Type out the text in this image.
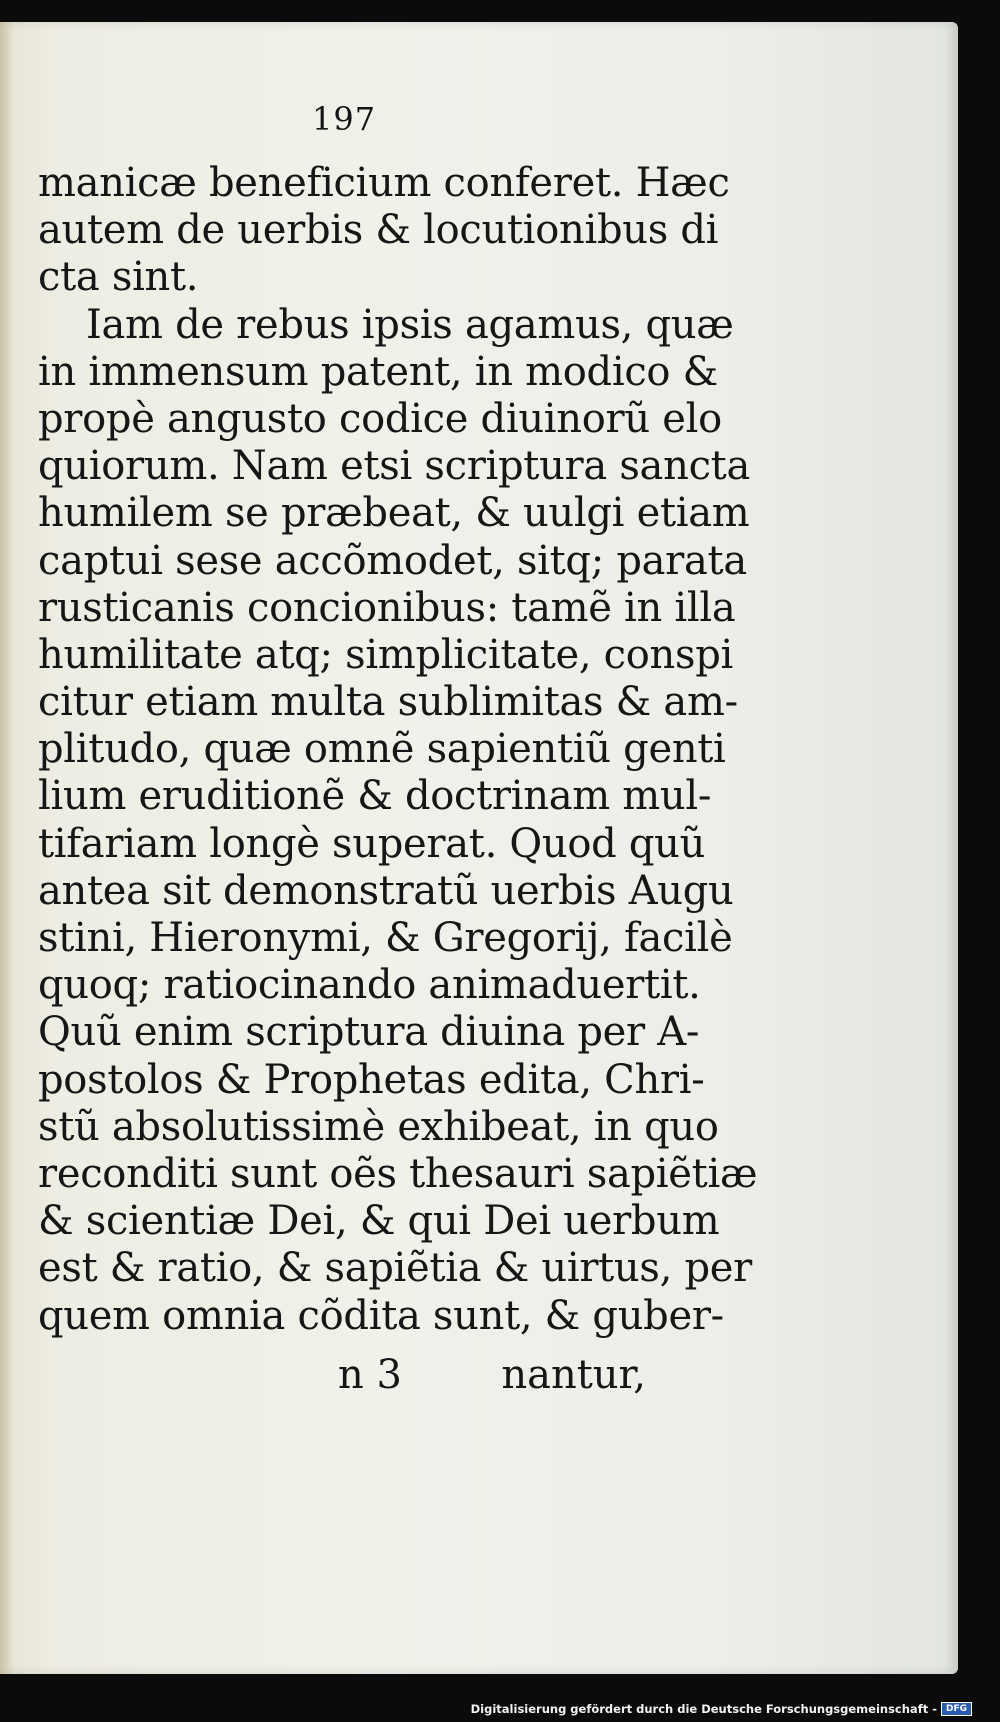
197
manicæ beneficium conferet. Hæc
autem de uerbis & locutionibus di
cta sint.
Iam de rebus ipsis agamus, quæ
in immensum patent, in modico &
propè angusto codice diuinorũ elo
quiorum. Nam etsi scriptura sancta
humilem se præbeat, & uulgi etiam
captui sese accõmodet, sitq; parata
rusticanis concionibus: tamẽ in illa
humilitate atq; simplicitate, conspi
citur etiam multa sublimitas & am-
plitudo, quæ omnẽ sapientiũ genti
lium eruditionẽ & doctrinam mul-
tifariam longè superat. Quod quũ
antea sit demonstratũ uerbis Augu
stini, Hieronymi, & Gregorij, facilè
quoq; ratiocinando animaduertit.
Quũ enim scriptura diuina per A-
postolos & Prophetas edita, Chri-
stũ absolutissimè exhibeat, in quo
reconditi sunt oẽs thesauri sapiẽtiæ
& scientiæ Dei, & qui Dei uerbum
est & ratio, & sapiẽtia & uirtus, per
quem omnia cõdita sunt, & guber-
n 3 nantur,
Digitalisierung gefördert durch die Deutsche Forschungsgemeinschaft -	DFG
